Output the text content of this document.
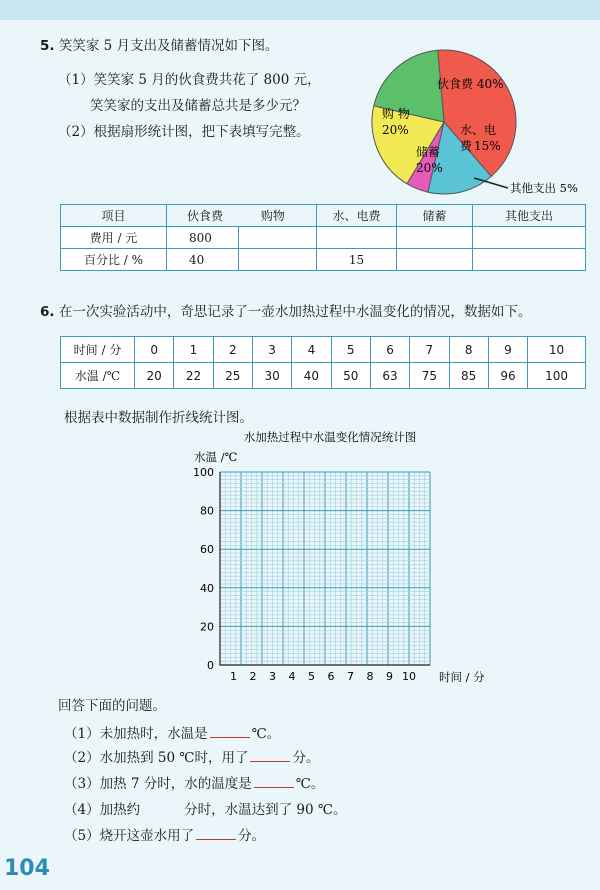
5. 笑笑家 5 月支出及储蓄情况如下图。
（1）笑笑家 5 月的伙食费共花了 800 元，
笑笑家的支出及储蓄总共是多少元？
（2）根据扇形统计图，把下表填写完整。
伙食费 40%
购 物
20%	水、电
费 15%
储蓄
20%
其他支出 5%
项目	伙食费 购物		水、电费	储蓄	其他支出
费用 / 元	800				
百分比 / %	40		15		
6. 在一次实验活动中，奇思记录了一壶水加热过程中水温变化的情况，数据如下。
时间 / 分	0	1	2	3	4	5	6	7	8	9	10
水温 /℃	20	22	25	30	40	50	63	75	85	96	100
根据表中数据制作折线统计图。
水加热过程中水温变化情况统计图
水温 /℃
时间 / 分
0
20
40
60
80
100
1 2 3 4 5 6 7 8 9 10
回答下面的问题。
（1）未加热时，水温是	℃。
（2）水加热到 50 ℃时，用了	分。
（3）加热 7 分时，水的温度是	℃。
（4）加热约	分时，水温达到了 90 ℃。
（5）烧开这壶水用了	分。
104
